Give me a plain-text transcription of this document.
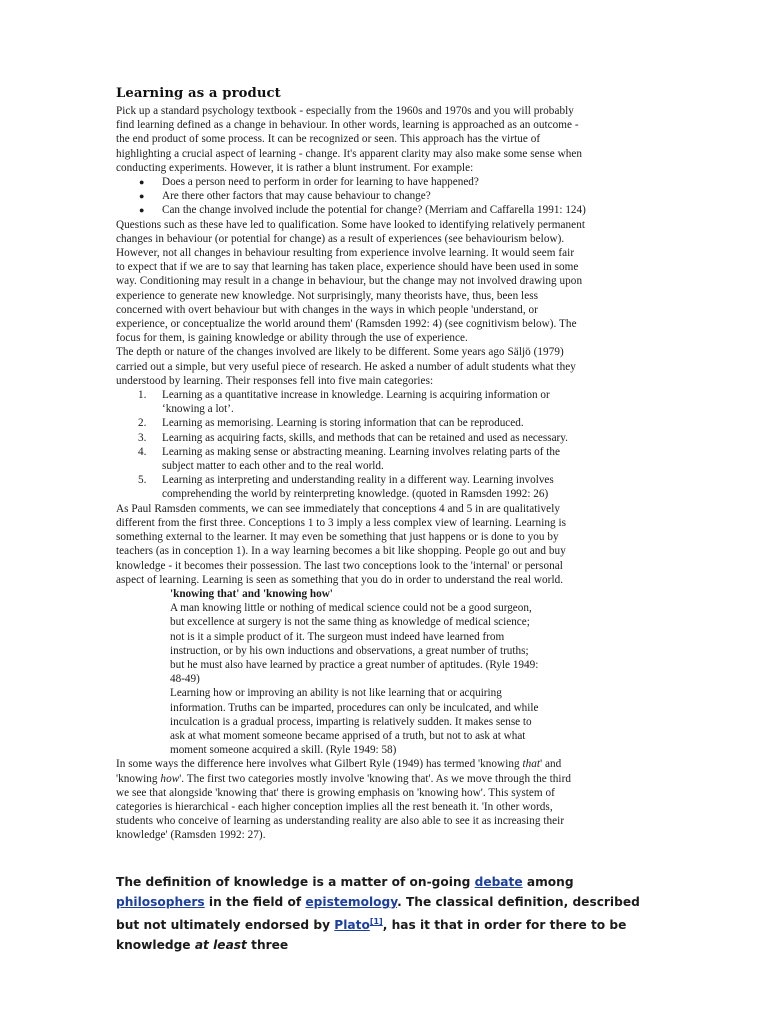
Learning as a product

Pick up a standard psychology textbook - especially from the 1960s and 1970s and you will probably
find learning defined as a change in behaviour. In other words, learning is approached as an outcome -
the end product of some process. It can be recognized or seen. This approach has the virtue of
highlighting a crucial aspect of learning - change. It's apparent clarity may also make some sense when
conducting experiments. However, it is rather a blunt instrument. For example:

● Does a person need to perform in order for learning to have happened?
● Are there other factors that may cause behaviour to change?
● Can the change involved include the potential for change? (Merriam and Caffarella 1991: 124)

Questions such as these have led to qualification. Some have looked to identifying relatively permanent
changes in behaviour (or potential for change) as a result of experiences (see behaviourism below).
However, not all changes in behaviour resulting from experience involve learning. It would seem fair
to expect that if we are to say that learning has taken place, experience should have been used in some
way. Conditioning may result in a change in behaviour, but the change may not involved drawing upon
experience to generate new knowledge. Not surprisingly, many theorists have, thus, been less
concerned with overt behaviour but with changes in the ways in which people 'understand, or
experience, or conceptualize the world around them' (Ramsden 1992: 4) (see cognitivism below). The
focus for them, is gaining knowledge or ability through the use of experience.

The depth or nature of the changes involved are likely to be different. Some years ago Säljö (1979)
carried out a simple, but very useful piece of research. He asked a number of adult students what they
understood by learning. Their responses fell into five main categories:

1. Learning as a quantitative increase in knowledge. Learning is acquiring information or
‘knowing a lot’.
2. Learning as memorising. Learning is storing information that can be reproduced.
3. Learning as acquiring facts, skills, and methods that can be retained and used as necessary.
4. Learning as making sense or abstracting meaning. Learning involves relating parts of the
subject matter to each other and to the real world.
5. Learning as interpreting and understanding reality in a different way. Learning involves
comprehending the world by reinterpreting knowledge. (quoted in Ramsden 1992: 26)

As Paul Ramsden comments, we can see immediately that conceptions 4 and 5 in are qualitatively
different from the first three. Conceptions 1 to 3 imply a less complex view of learning. Learning is
something external to the learner. It may even be something that just happens or is done to you by
teachers (as in conception 1). In a way learning becomes a bit like shopping. People go out and buy
knowledge - it becomes their possession. The last two conceptions look to the 'internal' or personal
aspect of learning. Learning is seen as something that you do in order to understand the real world.

'knowing that' and 'knowing how'

A man knowing little or nothing of medical science could not be a good surgeon,
but excellence at surgery is not the same thing as knowledge of medical science;
not is it a simple product of it. The surgeon must indeed have learned from
instruction, or by his own inductions and observations, a great number of truths;
but he must also have learned by practice a great number of aptitudes. (Ryle 1949:
48-49)

Learning how or improving an ability is not like learning that or acquiring
information. Truths can be imparted, procedures can only be inculcated, and while
inculcation is a gradual process, imparting is relatively sudden. It makes sense to
ask at what moment someone became apprised of a truth, but not to ask at what
moment someone acquired a skill. (Ryle 1949: 58)

In some ways the difference here involves what Gilbert Ryle (1949) has termed 'knowing that' and
'knowing how'. The first two categories mostly involve 'knowing that'. As we move through the third
we see that alongside 'knowing that' there is growing emphasis on 'knowing how'. This system of
categories is hierarchical - each higher conception implies all the rest beneath it. 'In other words,
students who conceive of learning as understanding reality are also able to see it as increasing their
knowledge' (Ramsden 1992: 27).

The definition of knowledge is a matter of on-going debate among philosophers in the field of epistemology. The classical definition, described but not ultimately endorsed by Plato[1], has it that in order for there to be knowledge at least three
